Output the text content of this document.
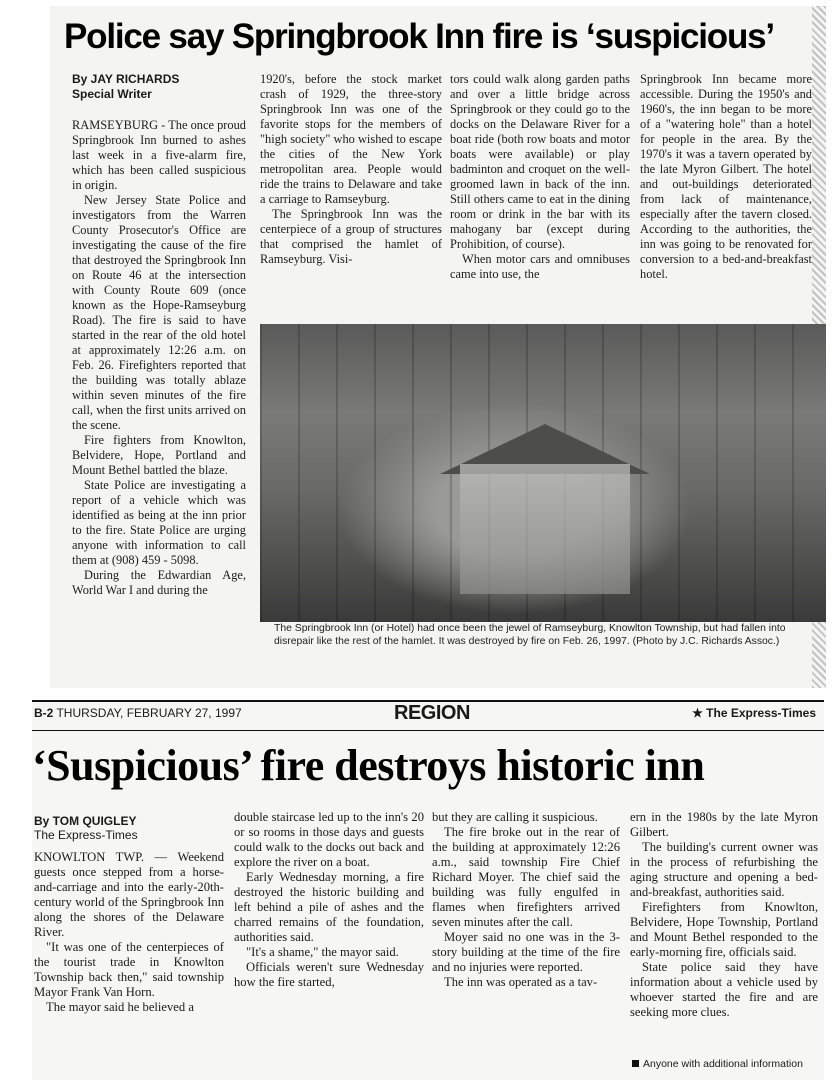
Police say Springbrook Inn fire is ‘suspicious’
By JAY RICHARDS
Special Writer

RAMSEYBURG - The once proud Springbrook Inn burned to ashes last week in a five-alarm fire, which has been called suspicious in origin.

New Jersey State Police and investigators from the Warren County Prosecutor's Office are investigating the cause of the fire that destroyed the Springbrook Inn on Route 46 at the intersection with County Route 609 (once known as the Hope-Ramseyburg Road). The fire is said to have started in the rear of the old hotel at approximately 12:26 a.m. on Feb. 26. Firefighters reported that the building was totally ablaze within seven minutes of the fire call, when the first units arrived on the scene.

Fire fighters from Knowlton, Belvidere, Hope, Portland and Mount Bethel battled the blaze.

State Police are investigating a report of a vehicle which was identified as being at the inn prior to the fire. State Police are urging anyone with information to call them at (908) 459 - 5098.

During the Edwardian Age, World War I and during the

1920's, before the stock market crash of 1929, the three-story Springbrook Inn was one of the favorite stops for the members of "high society" who wished to escape the cities of the New York metropolitan area. People would ride the trains to Delaware and take a carriage to Ramseyburg.

The Springbrook Inn was the centerpiece of a group of structures that comprised the hamlet of Ramseyburg. Visi-

tors could walk along garden paths and over a little bridge across Springbrook or they could go to the docks on the Delaware River for a boat ride (both row boats and motor boats were available) or play badminton and croquet on the well-groomed lawn in back of the inn. Still others came to eat in the dining room or drink in the bar with its mahogany bar (except during Prohibition, of course).

When motor cars and omnibuses came into use, the

Springbrook Inn became more accessible. During the 1950's and 1960's, the inn began to be more of a "watering hole" than a hotel for people in the area. By the 1970's it was a tavern operated by the late Myron Gilbert. The hotel and out-buildings deteriorated from lack of maintenance, especially after the tavern closed. According to the authorities, the inn was going to be renovated for conversion to a bed-and-breakfast hotel.

The Springbrook Inn (or Hotel) had once been the jewel of Ramseyburg, Knowlton Township, but had fallen into disrepair like the rest of the hamlet. It was destroyed by fire on Feb. 26, 1997. (Photo by J.C. Richards Assoc.)
B-2 THURSDAY, FEBRUARY 27, 1997	REGION	★ The Express-Times
‘Suspicious’ fire destroys historic inn
By TOM QUIGLEY
The Express-Times

KNOWLTON TWP. — Weekend guests once stepped from a horse-and-carriage and into the early-20th-century world of the Springbrook Inn along the shores of the Delaware River.

"It was one of the centerpieces of the tourist trade in Knowlton Township back then," said township Mayor Frank Van Horn.

The mayor said he believed a

double staircase led up to the inn's 20 or so rooms in those days and guests could walk to the docks out back and explore the river on a boat.

Early Wednesday morning, a fire destroyed the historic building and left behind a pile of ashes and the charred remains of the foundation, authorities said.

"It's a shame," the mayor said.

Officials weren't sure Wednesday how the fire started,

but they are calling it suspicious.

The fire broke out in the rear of the building at approximately 12:26 a.m., said township Fire Chief Richard Moyer. The chief said the building was fully engulfed in flames when firefighters arrived seven minutes after the call.

Moyer said no one was in the 3-story building at the time of the fire and no injuries were reported.

The inn was operated as a tav-

ern in the 1980s by the late Myron Gilbert.

The building's current owner was in the process of refurbishing the aging structure and opening a bed-and-breakfast, authorities said.

Firefighters from Knowlton, Belvidere, Hope Township, Portland and Mount Bethel responded to the early-morning fire, officials said.

State police said they have information about a vehicle used by whoever started the fire and are seeking more clues.

Anyone with additional information
